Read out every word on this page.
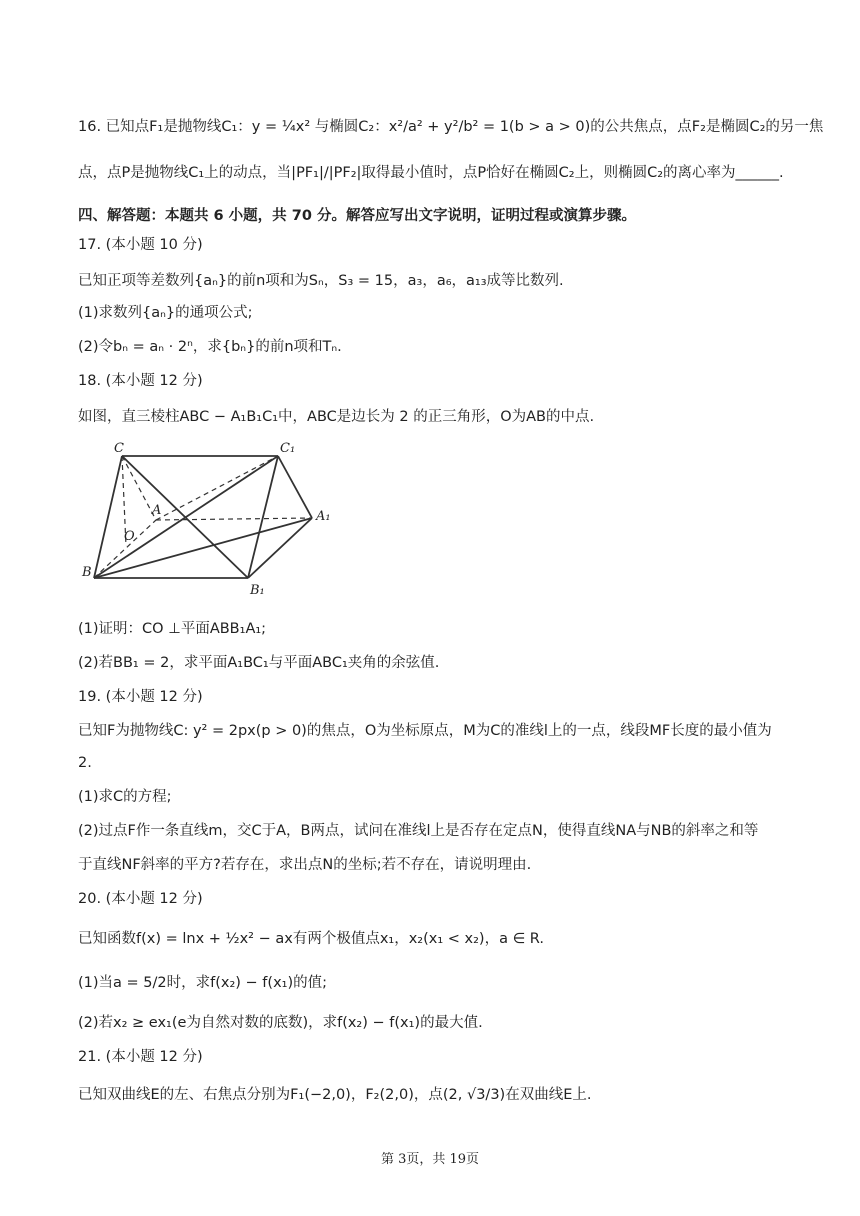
16. 已知点F₁是抛物线C₁：y = ¼x² 与椭圆C₂：x²/a² + y²/b² = 1(b > a > 0)的公共焦点，点F₂是椭圆C₂的另一焦
点，点P是抛物线C₁上的动点，当|PF₁|/|PF₂|取得最小值时，点P恰好在椭圆C₂上，则椭圆C₂的离心率为______.
四、解答题：本题共 6 小题，共 70 分。解答应写出文字说明，证明过程或演算步骤。
17. (本小题 10 分)
已知正项等差数列{aₙ}的前n项和为Sₙ，S₃ = 15，a₃，a₆，a₁₃成等比数列.
(1)求数列{aₙ}的通项公式;
(2)令bₙ = aₙ · 2ⁿ，求{bₙ}的前n项和Tₙ.
18. (本小题 12 分)
如图，直三棱柱ABC − A₁B₁C₁中，ABC是边长为 2 的正三角形，O为AB的中点.
C	C₁
A	A₁
O
B
B₁
(1)证明：CO ⊥平面ABB₁A₁;
(2)若BB₁ = 2，求平面A₁BC₁与平面ABC₁夹角的余弦值.
19. (本小题 12 分)
已知F为抛物线C: y² = 2px(p > 0)的焦点，O为坐标原点，M为C的准线l上的一点，线段MF长度的最小值为
2.
(1)求C的方程;
(2)过点F作一条直线m，交C于A，B两点，试问在准线l上是否存在定点N，使得直线NA与NB的斜率之和等
于直线NF斜率的平方?若存在，求出点N的坐标;若不存在，请说明理由.
20. (本小题 12 分)
已知函数f(x) = lnx + ½x² − ax有两个极值点x₁，x₂(x₁ < x₂)，a ∈ R.
(1)当a = 5/2时，求f(x₂) − f(x₁)的值;
(2)若x₂ ≥ ex₁(e为自然对数的底数)，求f(x₂) − f(x₁)的最大值.
21. (本小题 12 分)
已知双曲线E的左、右焦点分别为F₁(−2,0)，F₂(2,0)，点(2, √3/3)在双曲线E上.
第 3页，共 19页
